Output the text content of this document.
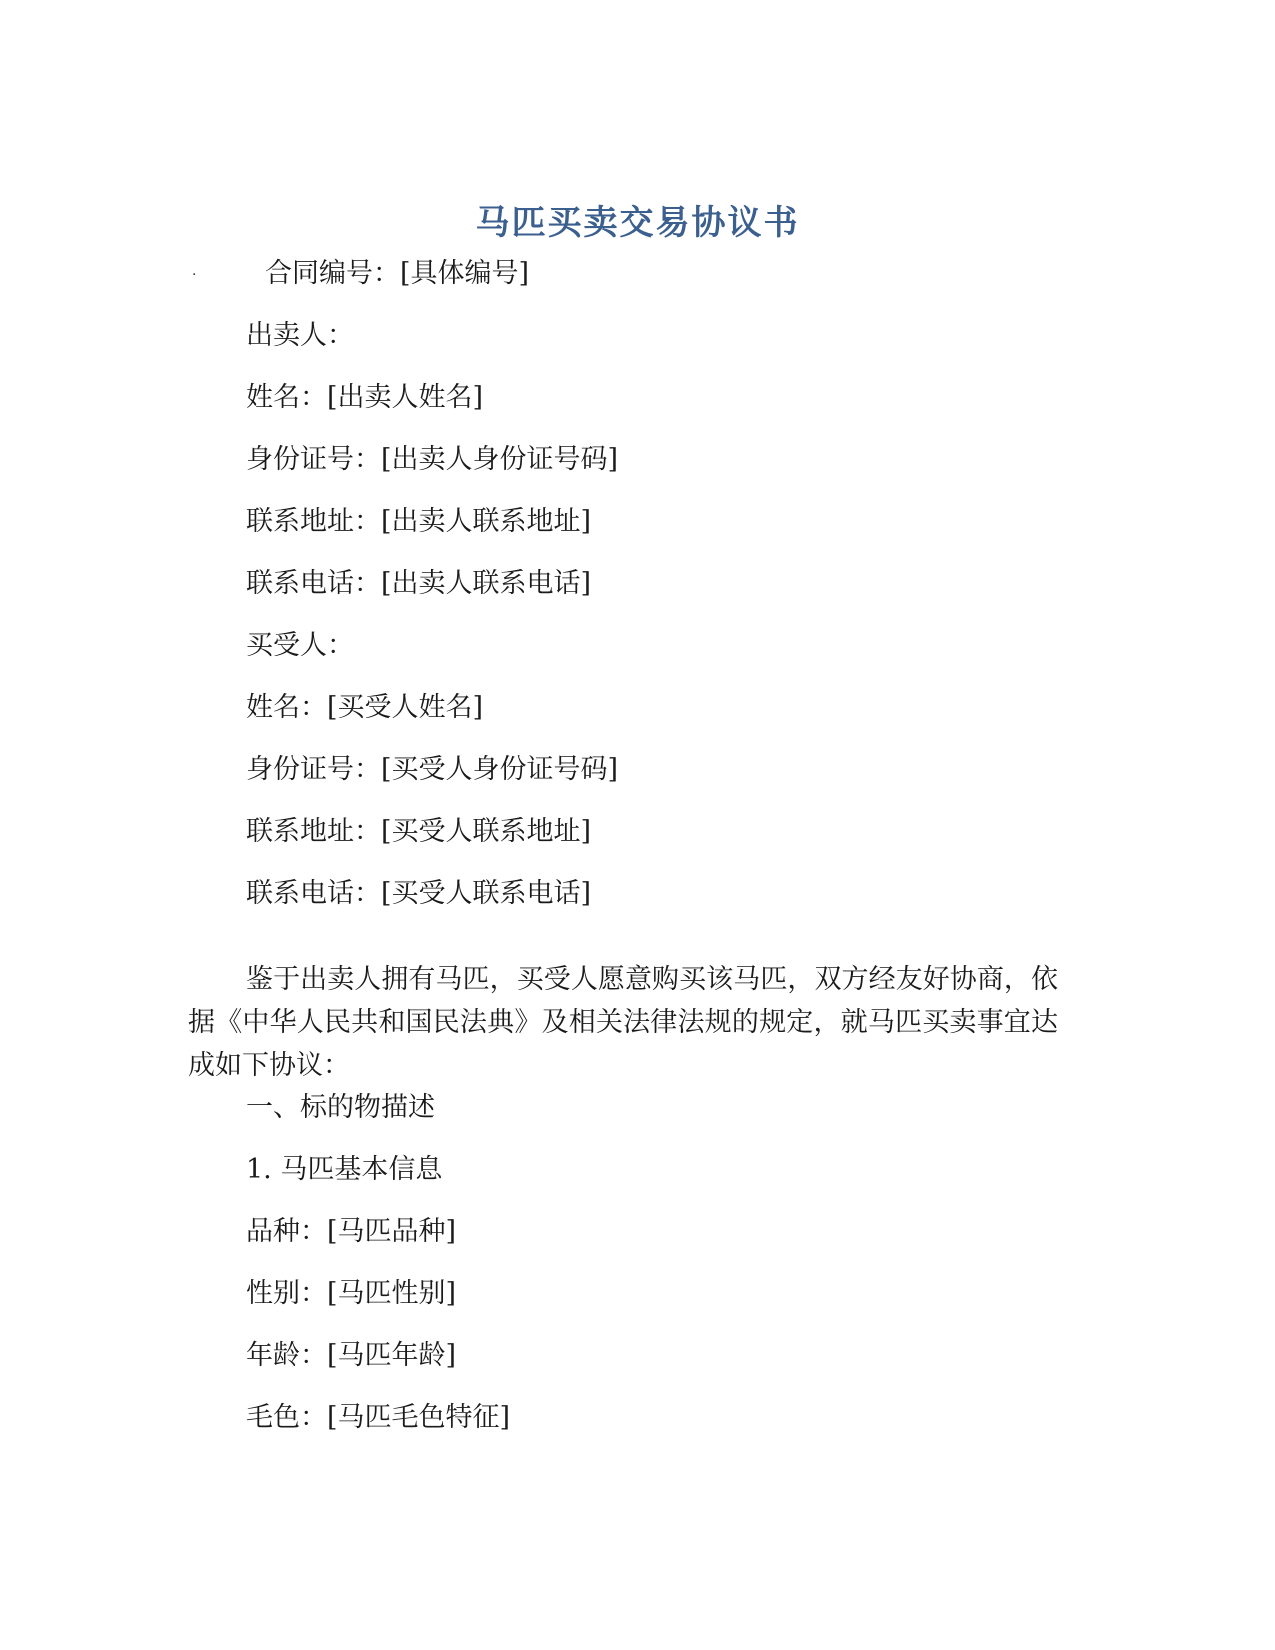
马匹买卖交易协议书
·	合同编号：[具体编号]
出卖人：
姓名：[出卖人姓名]
身份证号：[出卖人身份证号码]
联系地址：[出卖人联系地址]
联系电话：[出卖人联系电话]
买受人：
姓名：[买受人姓名]
身份证号：[买受人身份证号码]
联系地址：[买受人联系地址]
联系电话：[买受人联系电话]
鉴于出卖人拥有马匹，买受人愿意购买该马匹，双方经友好协商，依据《中华人民共和国民法典》及相关法律法规的规定，就马匹买卖事宜达成如下协议：
一、标的物描述
1. 马匹基本信息
品种：[马匹品种]
性别：[马匹性别]
年龄：[马匹年龄]
毛色：[马匹毛色特征]
